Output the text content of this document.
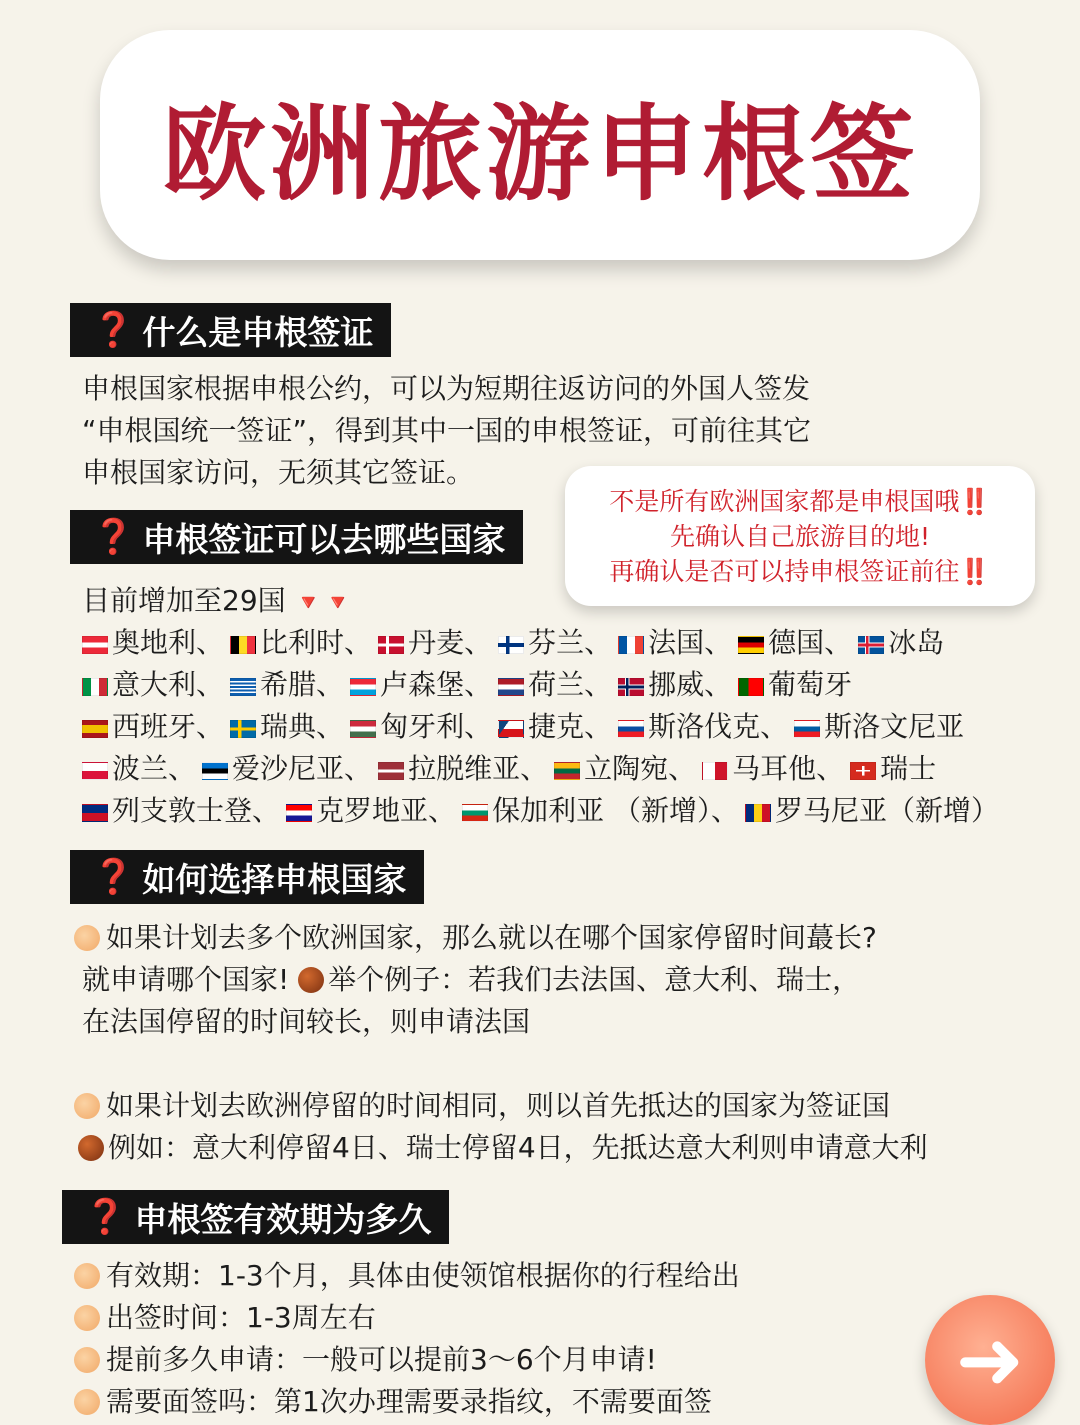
欧洲旅游申根签
❓ 什么是申根签证
申根国家根据申根公约，可以为短期往返访问的外国人签发
“申根国统一签证”，得到其中一国的申根签证，可前往其它
申根国家访问，无须其它签证。
不是所有欧洲国家都是申根国哦‼️
先确认自己旅游目的地!
再确认是否可以持申根签证前往‼️
❓ 申根签证可以去哪些国家
目前增加至29国 🔻🔻
奥地利、 比利时、 丹麦、 芬兰、 法国、 德国、 冰岛
意大利、 希腊、 卢森堡、 荷兰、 挪威、 葡萄牙
西班牙、 瑞典、 匈牙利、 捷克、 斯洛伐克、 斯洛文尼亚
波兰、 爱沙尼亚、 拉脱维亚、 立陶宛、 马耳他、 瑞士
列支敦士登、 克罗地亚、 保加利亚 （新增）、 罗马尼亚（新增）
❓ 如何选择申根国家
如果计划去多个欧洲国家，那么就以在哪个国家停留时间蕞长?
就申请哪个国家! 举个例子：若我们去法国、意大利、瑞士，
在法国停留的时间较长，则申请法国
如果计划去欧洲停留的时间相同，则以首先抵达的国家为签证国
例如：意大利停留4日、瑞士停留4日，先抵达意大利则申请意大利
❓ 申根签有效期为多久
有效期：1-3个月，具体由使领馆根据你的行程给出
出签时间：1-3周左右
提前多久申请：一般可以提前3～6个月申请!
需要面签吗：第1次办理需要录指纹，不需要面签	➜
